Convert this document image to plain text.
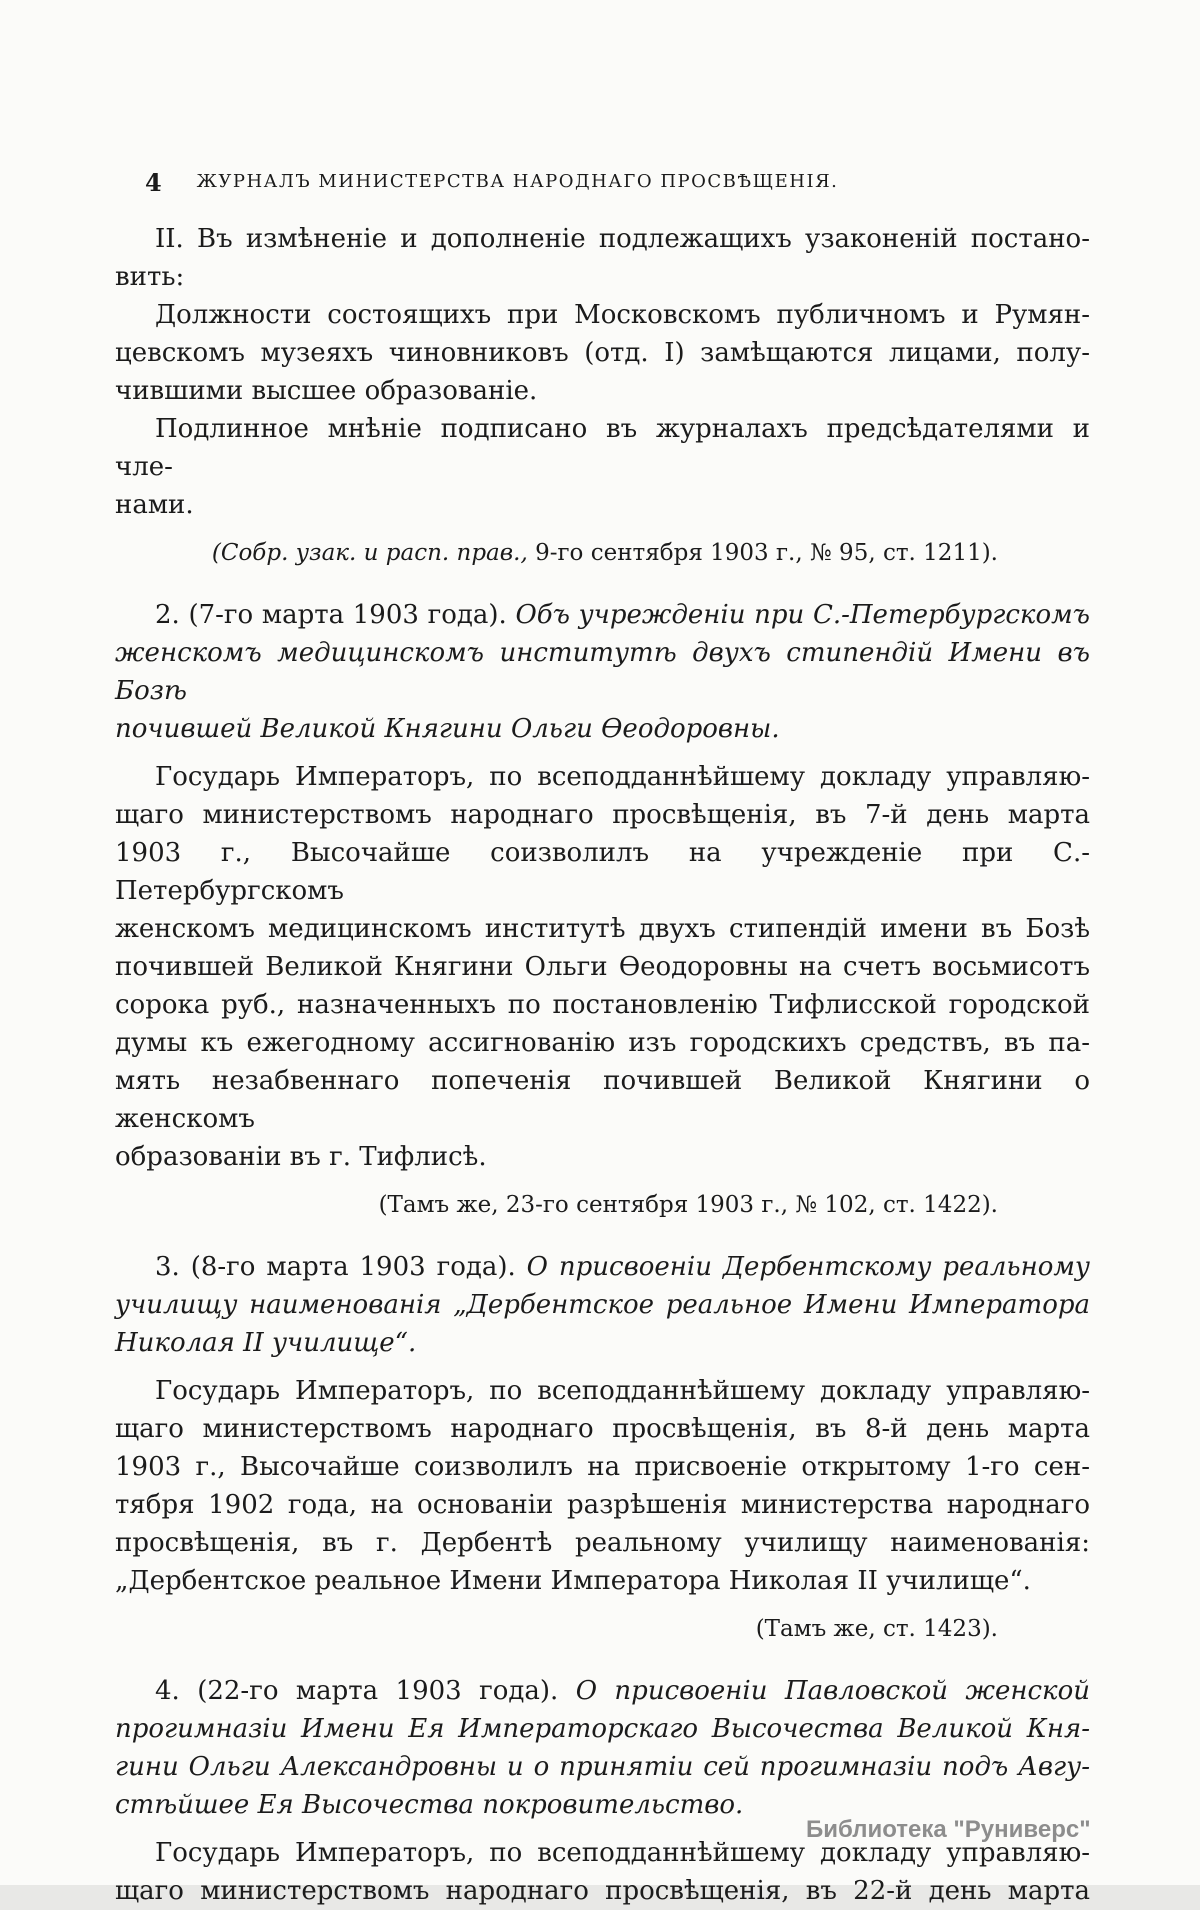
4 ЖУРНАЛЪ МИНИСТЕРСТВА НАРОДНАГО ПРОСВѢЩЕНІЯ.
II. Въ измѣненіе и дополненіе подлежащихъ узаконеній постано-
вить:
Должности состоящихъ при Московскомъ публичномъ и Румян-
цевскомъ музеяхъ чиновниковъ (отд. I) замѣщаются лицами, полу-
чившими высшее образованіе.
Подлинное мнѣніе подписано въ журналахъ предсѣдателями и чле-
нами.
(Собр. узак. и расп. прав., 9-го сентября 1903 г., № 95, ст. 1211).
2. (7-го марта 1903 года). Объ учрежденіи при С.-Петербургскомъ
женскомъ медицинскомъ институтѣ двухъ стипендій Имени въ Бозѣ
почившей Великой Княгини Ольги Ѳеодоровны.
Государь Императоръ, по всеподданнѣйшему докладу управляю-
щаго министерствомъ народнаго просвѣщенія, въ 7-й день марта
1903 г., Высочайше соизволилъ на учрежденіе при С.-Петербургскомъ
женскомъ медицинскомъ институтѣ двухъ стипендій имени въ Бозѣ
почившей Великой Княгини Ольги Ѳеодоровны на счетъ восьмисотъ
сорока руб., назначенныхъ по постановленію Тифлисской городской
думы къ ежегодному ассигнованію изъ городскихъ средствъ, въ па-
мять незабвеннаго попеченія почившей Великой Княгини о женскомъ
образованіи въ г. Тифлисѣ.
(Тамъ же, 23-го сентября 1903 г., № 102, ст. 1422).
3. (8-го марта 1903 года). О присвоеніи Дербентскому реальному
училищу наименованія „Дербентское реальное Имени Императора
Николая II училище“.
Государь Императоръ, по всеподданнѣйшему докладу управляю-
щаго министерствомъ народнаго просвѣщенія, въ 8-й день марта
1903 г., Высочайше соизволилъ на присвоеніе открытому 1-го сен-
тября 1902 года, на основаніи разрѣшенія министерства народнаго
просвѣщенія, въ г. Дербентѣ реальному училищу наименованія:
„Дербентское реальное Имени Императора Николая II училище“.
(Тамъ же, ст. 1423).
4. (22-го марта 1903 года). О присвоеніи Павловской женской
прогимназіи Имени Ея Императорскаго Высочества Великой Кня-
гини Ольги Александровны и о принятіи сей прогимназіи подъ Авгу-
стѣйшее Ея Высочества покровительство.
Государь Императоръ, по всеподданнѣйшему докладу управляю-
щаго министерствомъ народнаго просвѣщенія, въ 22-й день марта
Библиотека "Руниверс"
